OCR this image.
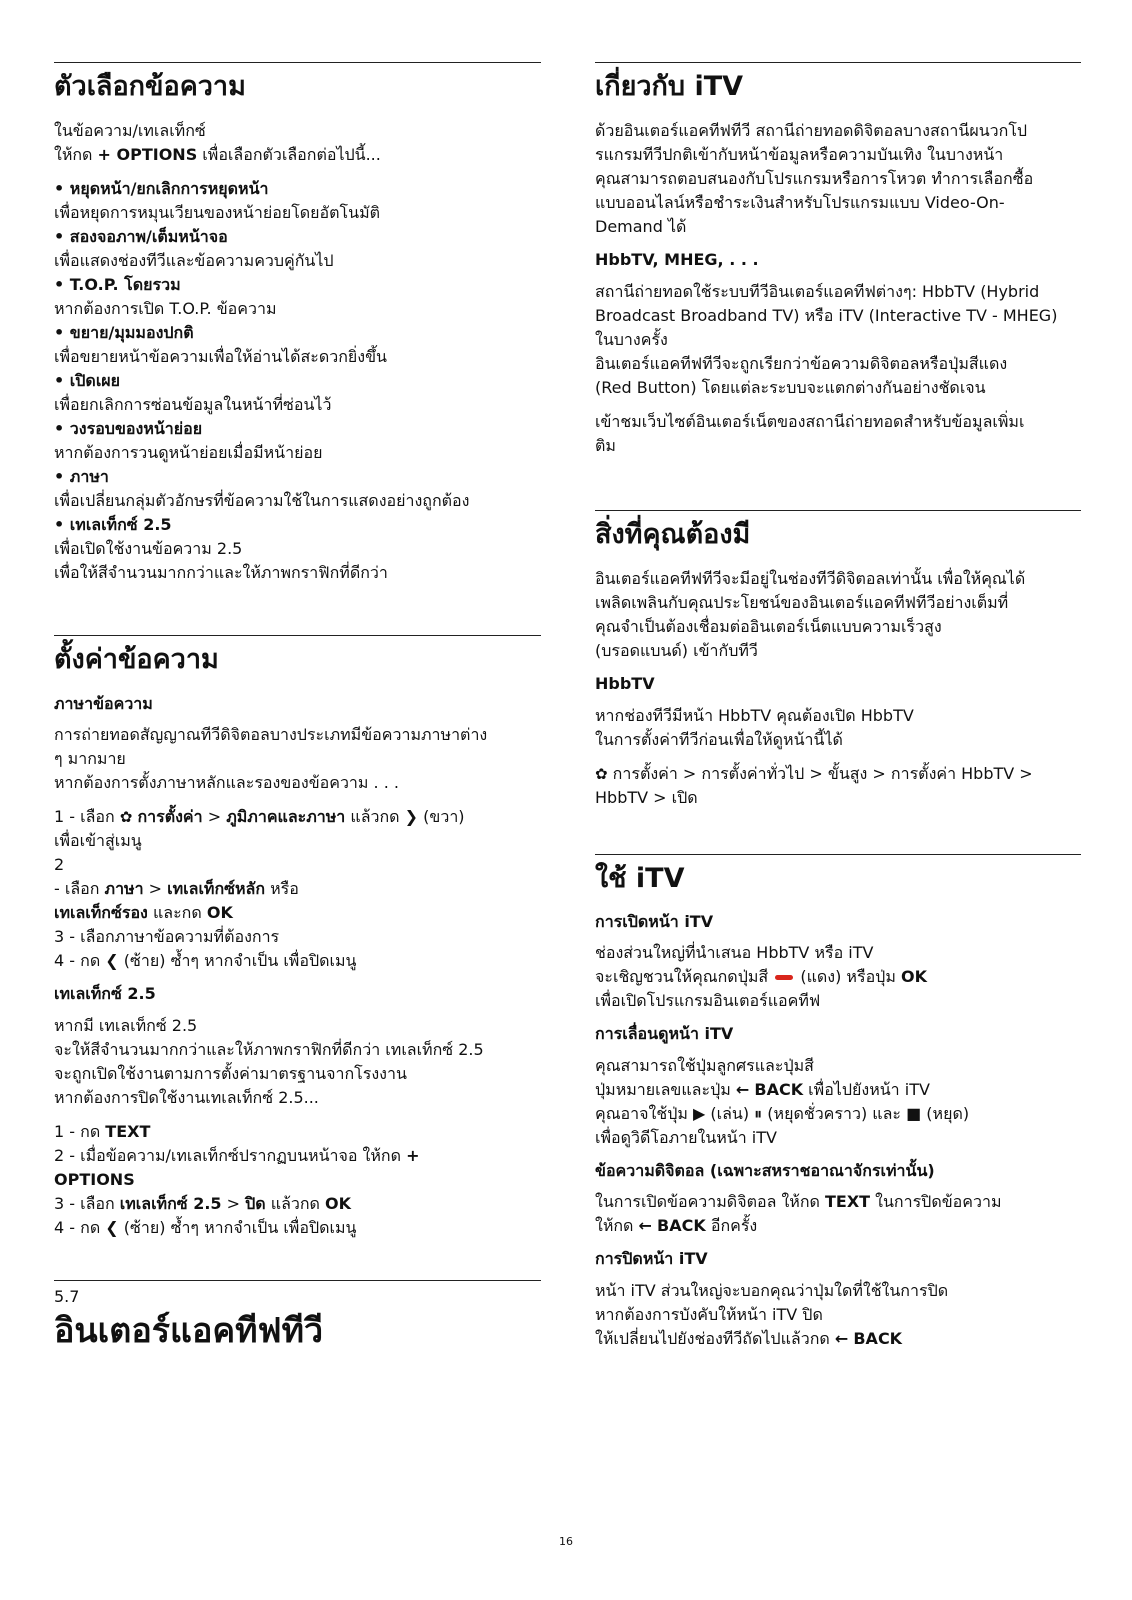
ตัวเลือกข้อความ

ในข้อความ/เทเลเท็กซ์
ให้กด + OPTIONS เพื่อเลือกตัวเลือกต่อไปนี้...

• หยุดหน้า/ยกเลิกการหยุดหน้า
เพื่อหยุดการหมุนเวียนของหน้าย่อยโดยอัตโนมัติ
• สองจอภาพ/เต็มหน้าจอ
เพื่อแสดงช่องทีวีและข้อความควบคู่กันไป
• T.O.P. โดยรวม
หากต้องการเปิด T.O.P. ข้อความ
• ขยาย/มุมมองปกติ
เพื่อขยายหน้าข้อความเพื่อให้อ่านได้สะดวกยิ่งขึ้น
• เปิดเผย
เพื่อยกเลิกการซ่อนข้อมูลในหน้าที่ซ่อนไว้
• วงรอบของหน้าย่อย
หากต้องการวนดูหน้าย่อยเมื่อมีหน้าย่อย
• ภาษา
เพื่อเปลี่ยนกลุ่มตัวอักษรที่ข้อความใช้ในการแสดงอย่างถูกต้อง
• เทเลเท็กซ์ 2.5
เพื่อเปิดใช้งานข้อความ 2.5
เพื่อให้สีจำนวนมากกว่าและให้ภาพกราฟิกที่ดีกว่า
ตั้งค่าข้อความ
ภาษาข้อความ

การถ่ายทอดสัญญาณทีวีดิจิตอลบางประเภทมีข้อความภาษาต่าง
ๆ มากมาย
หากต้องการตั้งภาษาหลักและรองของข้อความ . . .

1 - เลือก ✿ การตั้งค่า > ภูมิภาคและภาษา แล้วกด ❯ (ขวา)
เพื่อเข้าสู่เมนู
2
- เลือก ภาษา > เทเลเท็กซ์หลัก หรือ
เทเลเท็กซ์รอง และกด OK
3 - เลือกภาษาข้อความที่ต้องการ
4 - กด ❮ (ซ้าย) ซ้ำๆ หากจำเป็น เพื่อปิดเมนู
เทเลเท็กซ์ 2.5

หากมี เทเลเท็กซ์ 2.5
จะให้สีจำนวนมากกว่าและให้ภาพกราฟิกที่ดีกว่า เทเลเท็กซ์ 2.5
จะถูกเปิดใช้งานตามการตั้งค่ามาตรฐานจากโรงงาน
หากต้องการปิดใช้งานเทเลเท็กซ์ 2.5...

1 - กด TEXT
2 - เมื่อข้อความ/เทเลเท็กซ์ปรากฏบนหน้าจอ ให้กด +
OPTIONS
3 - เลือก เทเลเท็กซ์ 2.5 > ปิด แล้วกด OK
4 - กด ❮ (ซ้าย) ซ้ำๆ หากจำเป็น เพื่อปิดเมนู
5.7
อินเตอร์แอคทีฟทีวี
เกี่ยวกับ iTV

ด้วยอินเตอร์แอคทีฟทีวี สถานีถ่ายทอดดิจิตอลบางสถานีผนวกโป
รแกรมทีวีปกติเข้ากับหน้าข้อมูลหรือความบันเทิง ในบางหน้า
คุณสามารถตอบสนองกับโปรแกรมหรือการโหวต ทำการเลือกซื้อ
แบบออนไลน์หรือชำระเงินสำหรับโปรแกรมแบบ Video-On-
Demand ได้

HbbTV, MHEG, . . .

สถานีถ่ายทอดใช้ระบบทีวีอินเตอร์แอคทีฟต่างๆ: HbbTV (Hybrid
Broadcast Broadband TV) หรือ iTV (Interactive TV - MHEG)
ในบางครั้ง
อินเตอร์แอคทีฟทีวีจะถูกเรียกว่าข้อความดิจิตอลหรือปุ่มสีแดง
(Red Button) โดยแต่ละระบบจะแตกต่างกันอย่างชัดเจน

เข้าชมเว็บไซต์อินเตอร์เน็ตของสถานีถ่ายทอดสำหรับข้อมูลเพิ่มเ
ติม

สิ่งที่คุณต้องมี

อินเตอร์แอคทีฟทีวีจะมีอยู่ในช่องทีวีดิจิตอลเท่านั้น เพื่อให้คุณได้
เพลิดเพลินกับคุณประโยชน์ของอินเตอร์แอคทีฟทีวีอย่างเต็มที่
คุณจำเป็นต้องเชื่อมต่ออินเตอร์เน็ตแบบความเร็วสูง
(บรอดแบนด์) เข้ากับทีวี

HbbTV

หากช่องทีวีมีหน้า HbbTV คุณต้องเปิด HbbTV
ในการตั้งค่าทีวีก่อนเพื่อให้ดูหน้านี้ได้

✿ การตั้งค่า > การตั้งค่าทั่วไป > ขั้นสูง > การตั้งค่า HbbTV >
HbbTV > เปิด

ใช้ iTV
การเปิดหน้า iTV

ช่องส่วนใหญ่ที่นำเสนอ HbbTV หรือ iTV
จะเชิญชวนให้คุณกดปุ่มสี  (แดง) หรือปุ่ม OK
เพื่อเปิดโปรแกรมอินเตอร์แอคทีฟ

การเลื่อนดูหน้า iTV

คุณสามารถใช้ปุ่มลูกศรและปุ่มสี
ปุ่มหมายเลขและปุ่ม ← BACK เพื่อไปยังหน้า iTV
คุณอาจใช้ปุ่ม ▶ (เล่น) ⏸ (หยุดชั่วคราว) และ ■ (หยุด)
เพื่อดูวิดีโอภายในหน้า iTV

ข้อความดิจิตอล (เฉพาะสหราชอาณาจักรเท่านั้น)

ในการเปิดข้อความดิจิตอล ให้กด TEXT ในการปิดข้อความ
ให้กด ← BACK อีกครั้ง

การปิดหน้า iTV

หน้า iTV ส่วนใหญ่จะบอกคุณว่าปุ่มใดที่ใช้ในการปิด
หากต้องการบังคับให้หน้า iTV ปิด
ให้เปลี่ยนไปยังช่องทีวีถัดไปแล้วกด ← BACK

16
